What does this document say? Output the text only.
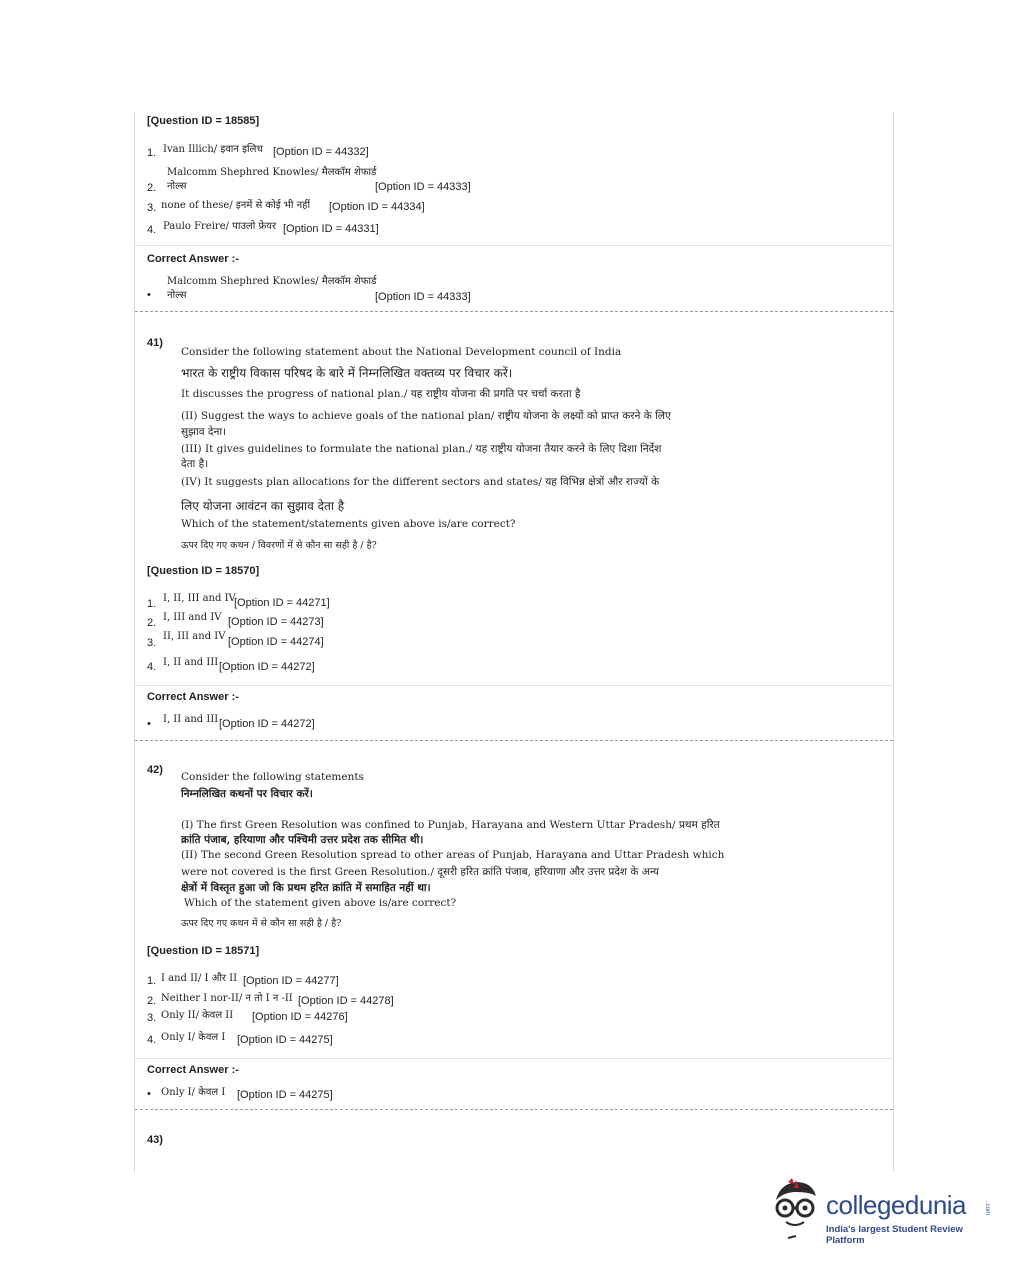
[Question ID = 18585]
1. Ivan Illich/ इवान इलिच [Option ID = 44332]
Malcomm Shephred Knowles/ मैलकॉम शेफार्ड
2. नोल्स	[Option ID = 44333]
3. none of these/ इनमें से कोई भी नहीं [Option ID = 44334]
4. Paulo Freire/ पाउलो फ्रेयर [Option ID = 44331]
Correct Answer :-
Malcomm Shephred Knowles/ मैलकॉम शेफार्ड
• नोल्स	[Option ID = 44333]
41)
Consider the following statement about the National Development council of India
भारत के राष्ट्रीय विकास परिषद के बारे में निम्नलिखित वक्तव्य पर विचार करें।
It discusses the progress of national plan./ यह राष्ट्रीय योजना की प्रगति पर चर्चा करता है
(II) Suggest the ways to achieve goals of the national plan/ राष्ट्रीय योजना के लक्ष्यों को प्राप्त करने के लिए
सुझाव देना।
(III) It gives guidelines to formulate the national plan./ यह राष्ट्रीय योजना तैयार करने के लिए दिशा निर्देश
देता है।
(IV) It suggests plan allocations for the different sectors and states/ यह विभिन्न क्षेत्रों और राज्यों के
लिए योजना आवंटन का सुझाव देता है
Which of the statement/statements given above is/are correct?
ऊपर दिए गए कथन / विवरणों में से कौन सा सही है / है?
[Question ID = 18570]
1. I, II, III and IV
[Option ID = 44271]
2. I, III and IV [Option ID = 44273]
3.
II, III and IV [Option ID = 44274]
4. I, II and III [Option ID = 44272]
Correct Answer :-
• I, II and III [Option ID = 44272]
42)
Consider the following statements
निम्नलिखित कथनों पर विचार करें।
(I) The first Green Resolution was confined to Punjab, Harayana and Western Uttar Pradesh/ प्रथम हरित
क्रांति पंजाब, हरियाणा और पश्चिमी उत्तर प्रदेश तक सीमित थी।
(II) The second Green Resolution spread to other areas of Punjab, Harayana and Uttar Pradesh which
were not covered is the first Green Resolution./ दूसरी हरित क्रांति पंजाब, हरियाणा और उत्तर प्रदेश के अन्य
क्षेत्रों में विस्तृत हुआ जो कि प्रथम हरित क्रांति में समाहित नहीं था।
Which of the statement given above is/are correct?
ऊपर दिए गए कथन में से कौन सा सही है / है?
[Question ID = 18571]
1. I and II/ I और II [Option ID = 44277]
2. Neither I nor-II/ न तो I न -II [Option ID = 44278]
3. Only II/ केवल II [Option ID = 44276]
4. Only I/ केवल I [Option ID = 44275]
Correct Answer :-
• Only I/ केवल I [Option ID = 44275]
43)
collegedunia	.com
India's largest Student Review Platform
